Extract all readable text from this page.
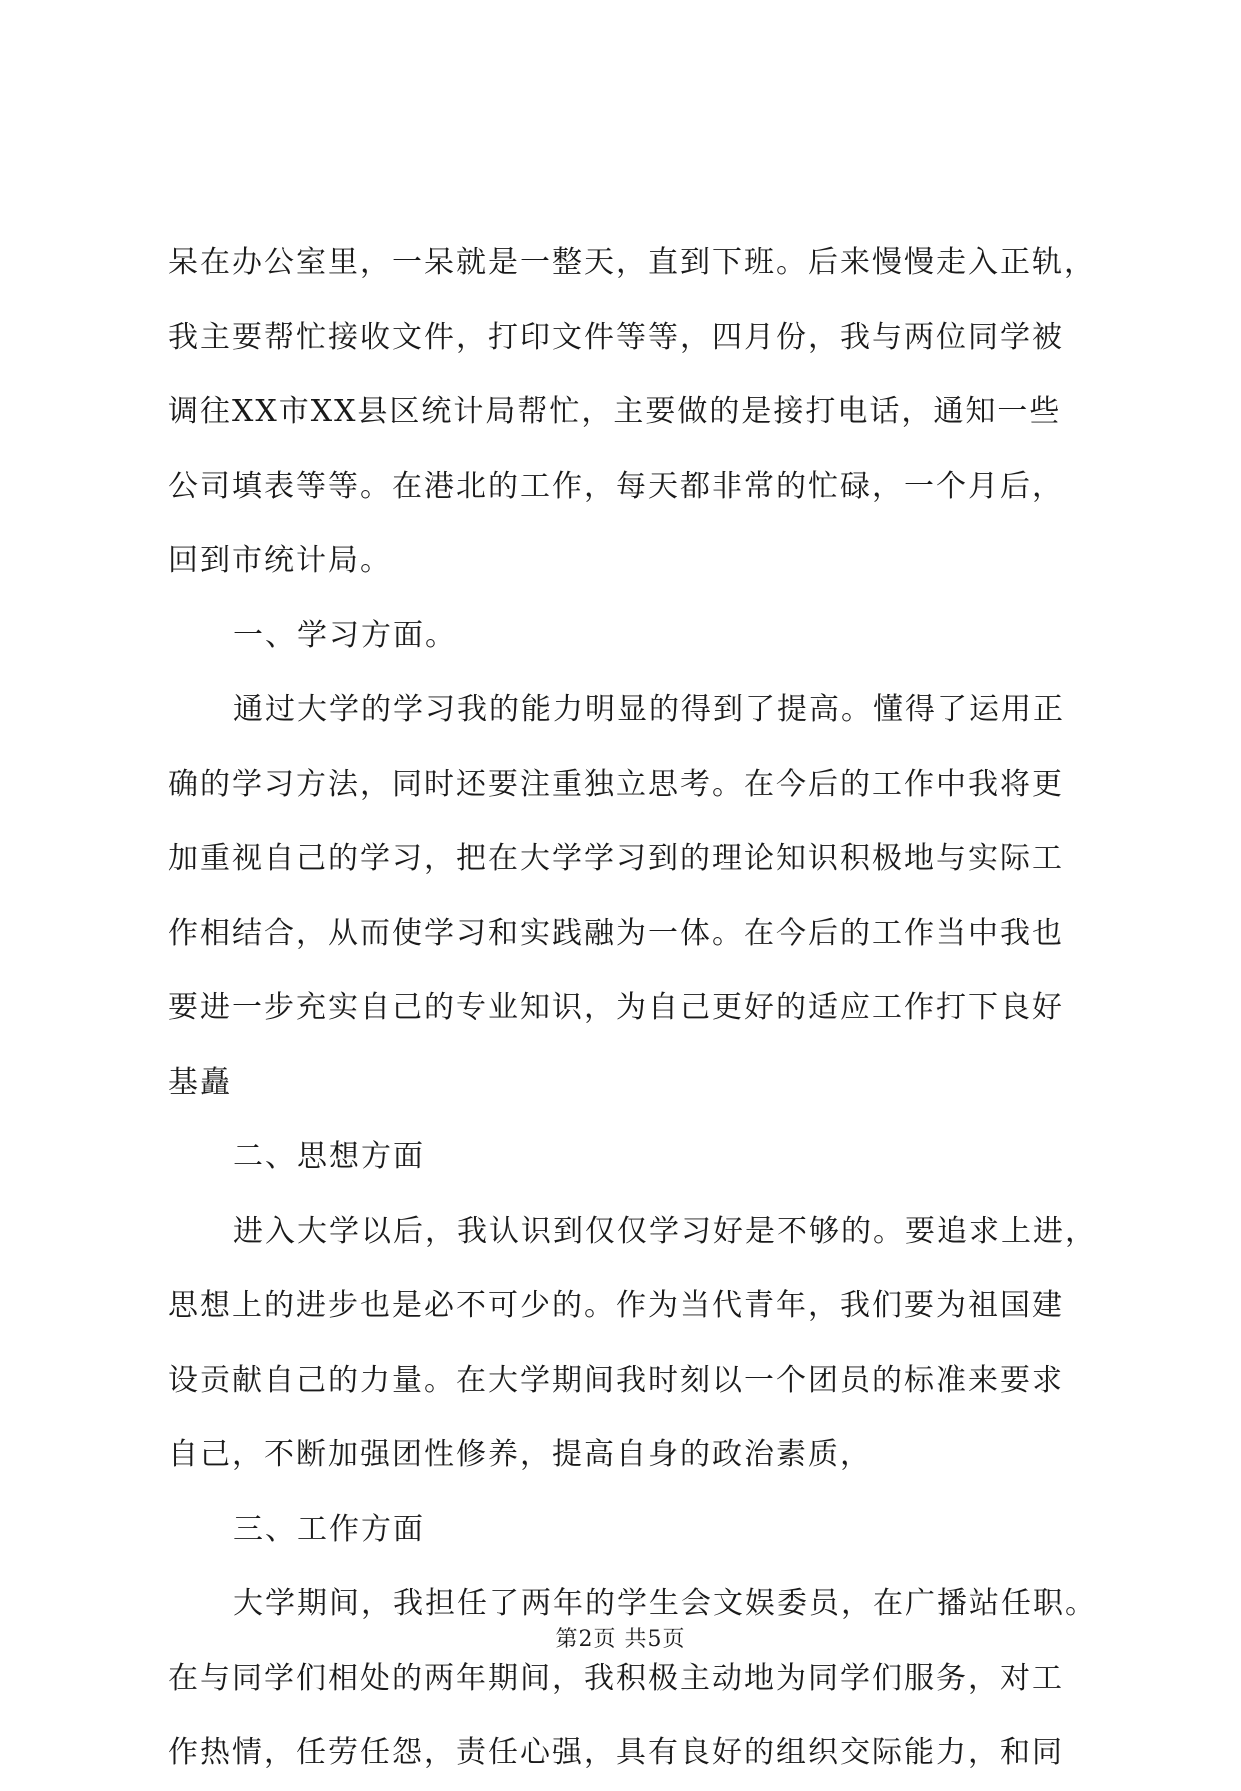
呆在办公室里，一呆就是一整天，直到下班。后来慢慢走入正轨，
我主要帮忙接收文件，打印文件等等，四月份，我与两位同学被
调往XX市XX县区统计局帮忙，主要做的是接打电话，通知一些
公司填表等等。在港北的工作，每天都非常的忙碌，一个月后，
回到市统计局。
一、学习方面。
通过大学的学习我的能力明显的得到了提高。懂得了运用正
确的学习方法，同时还要注重独立思考。在今后的工作中我将更
加重视自己的学习，把在大学学习到的理论知识积极地与实际工
作相结合，从而使学习和实践融为一体。在今后的工作当中我也
要进一步充实自己的专业知识，为自己更好的适应工作打下良好
基矗
二、思想方面
进入大学以后，我认识到仅仅学习好是不够的。要追求上进，
思想上的进步也是必不可少的。作为当代青年，我们要为祖国建
设贡献自己的力量。在大学期间我时刻以一个团员的标准来要求
自己，不断加强团性修养，提高自身的政治素质，
三、工作方面
大学期间，我担任了两年的学生会文娱委员，在广播站任职。
在与同学们相处的两年期间，我积极主动地为同学们服务，对工
作热情，任劳任怨，责任心强，具有良好的组织交际能力，和同
第2页 共5页
